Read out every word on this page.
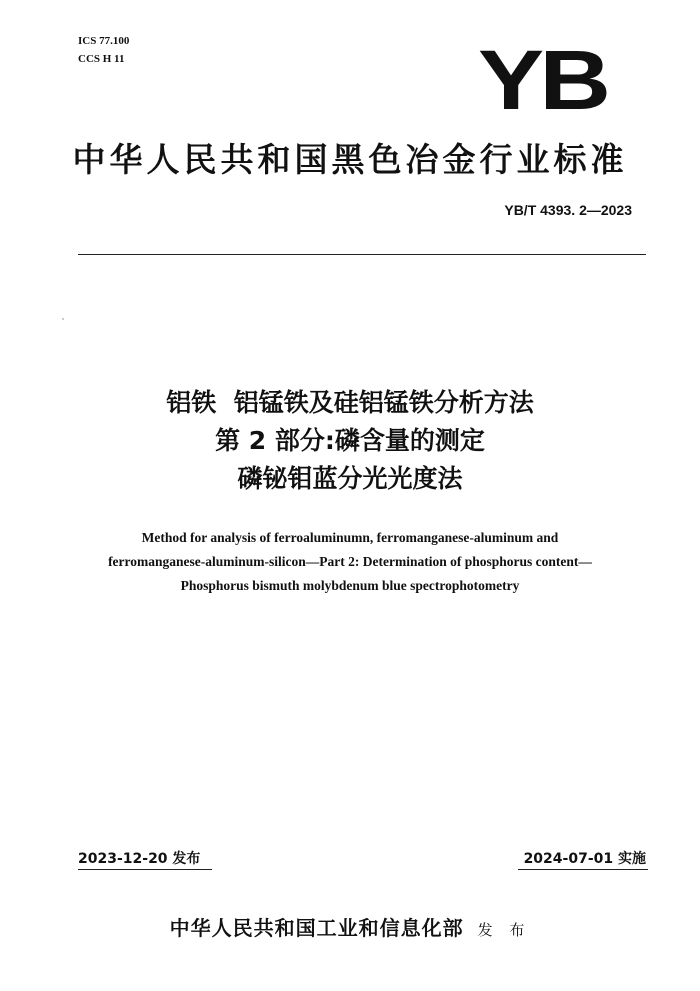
ICS 77.100
CCS H 11	YB
中华人民共和国黑色冶金行业标准
YB/T 4393. 2—2023
铝铁  铝锰铁及硅铝锰铁分析方法
第 2 部分:磷含量的测定
磷铋钼蓝分光光度法
Method for analysis of ferroaluminumn, ferromanganese-aluminum and
ferromanganese-aluminum-silicon—Part 2: Determination of phosphorus content—
Phosphorus bismuth molybdenum blue spectrophotometry
2023-12-20 发布	2024-07-01 实施
中华人民共和国工业和信息化部 发 布
